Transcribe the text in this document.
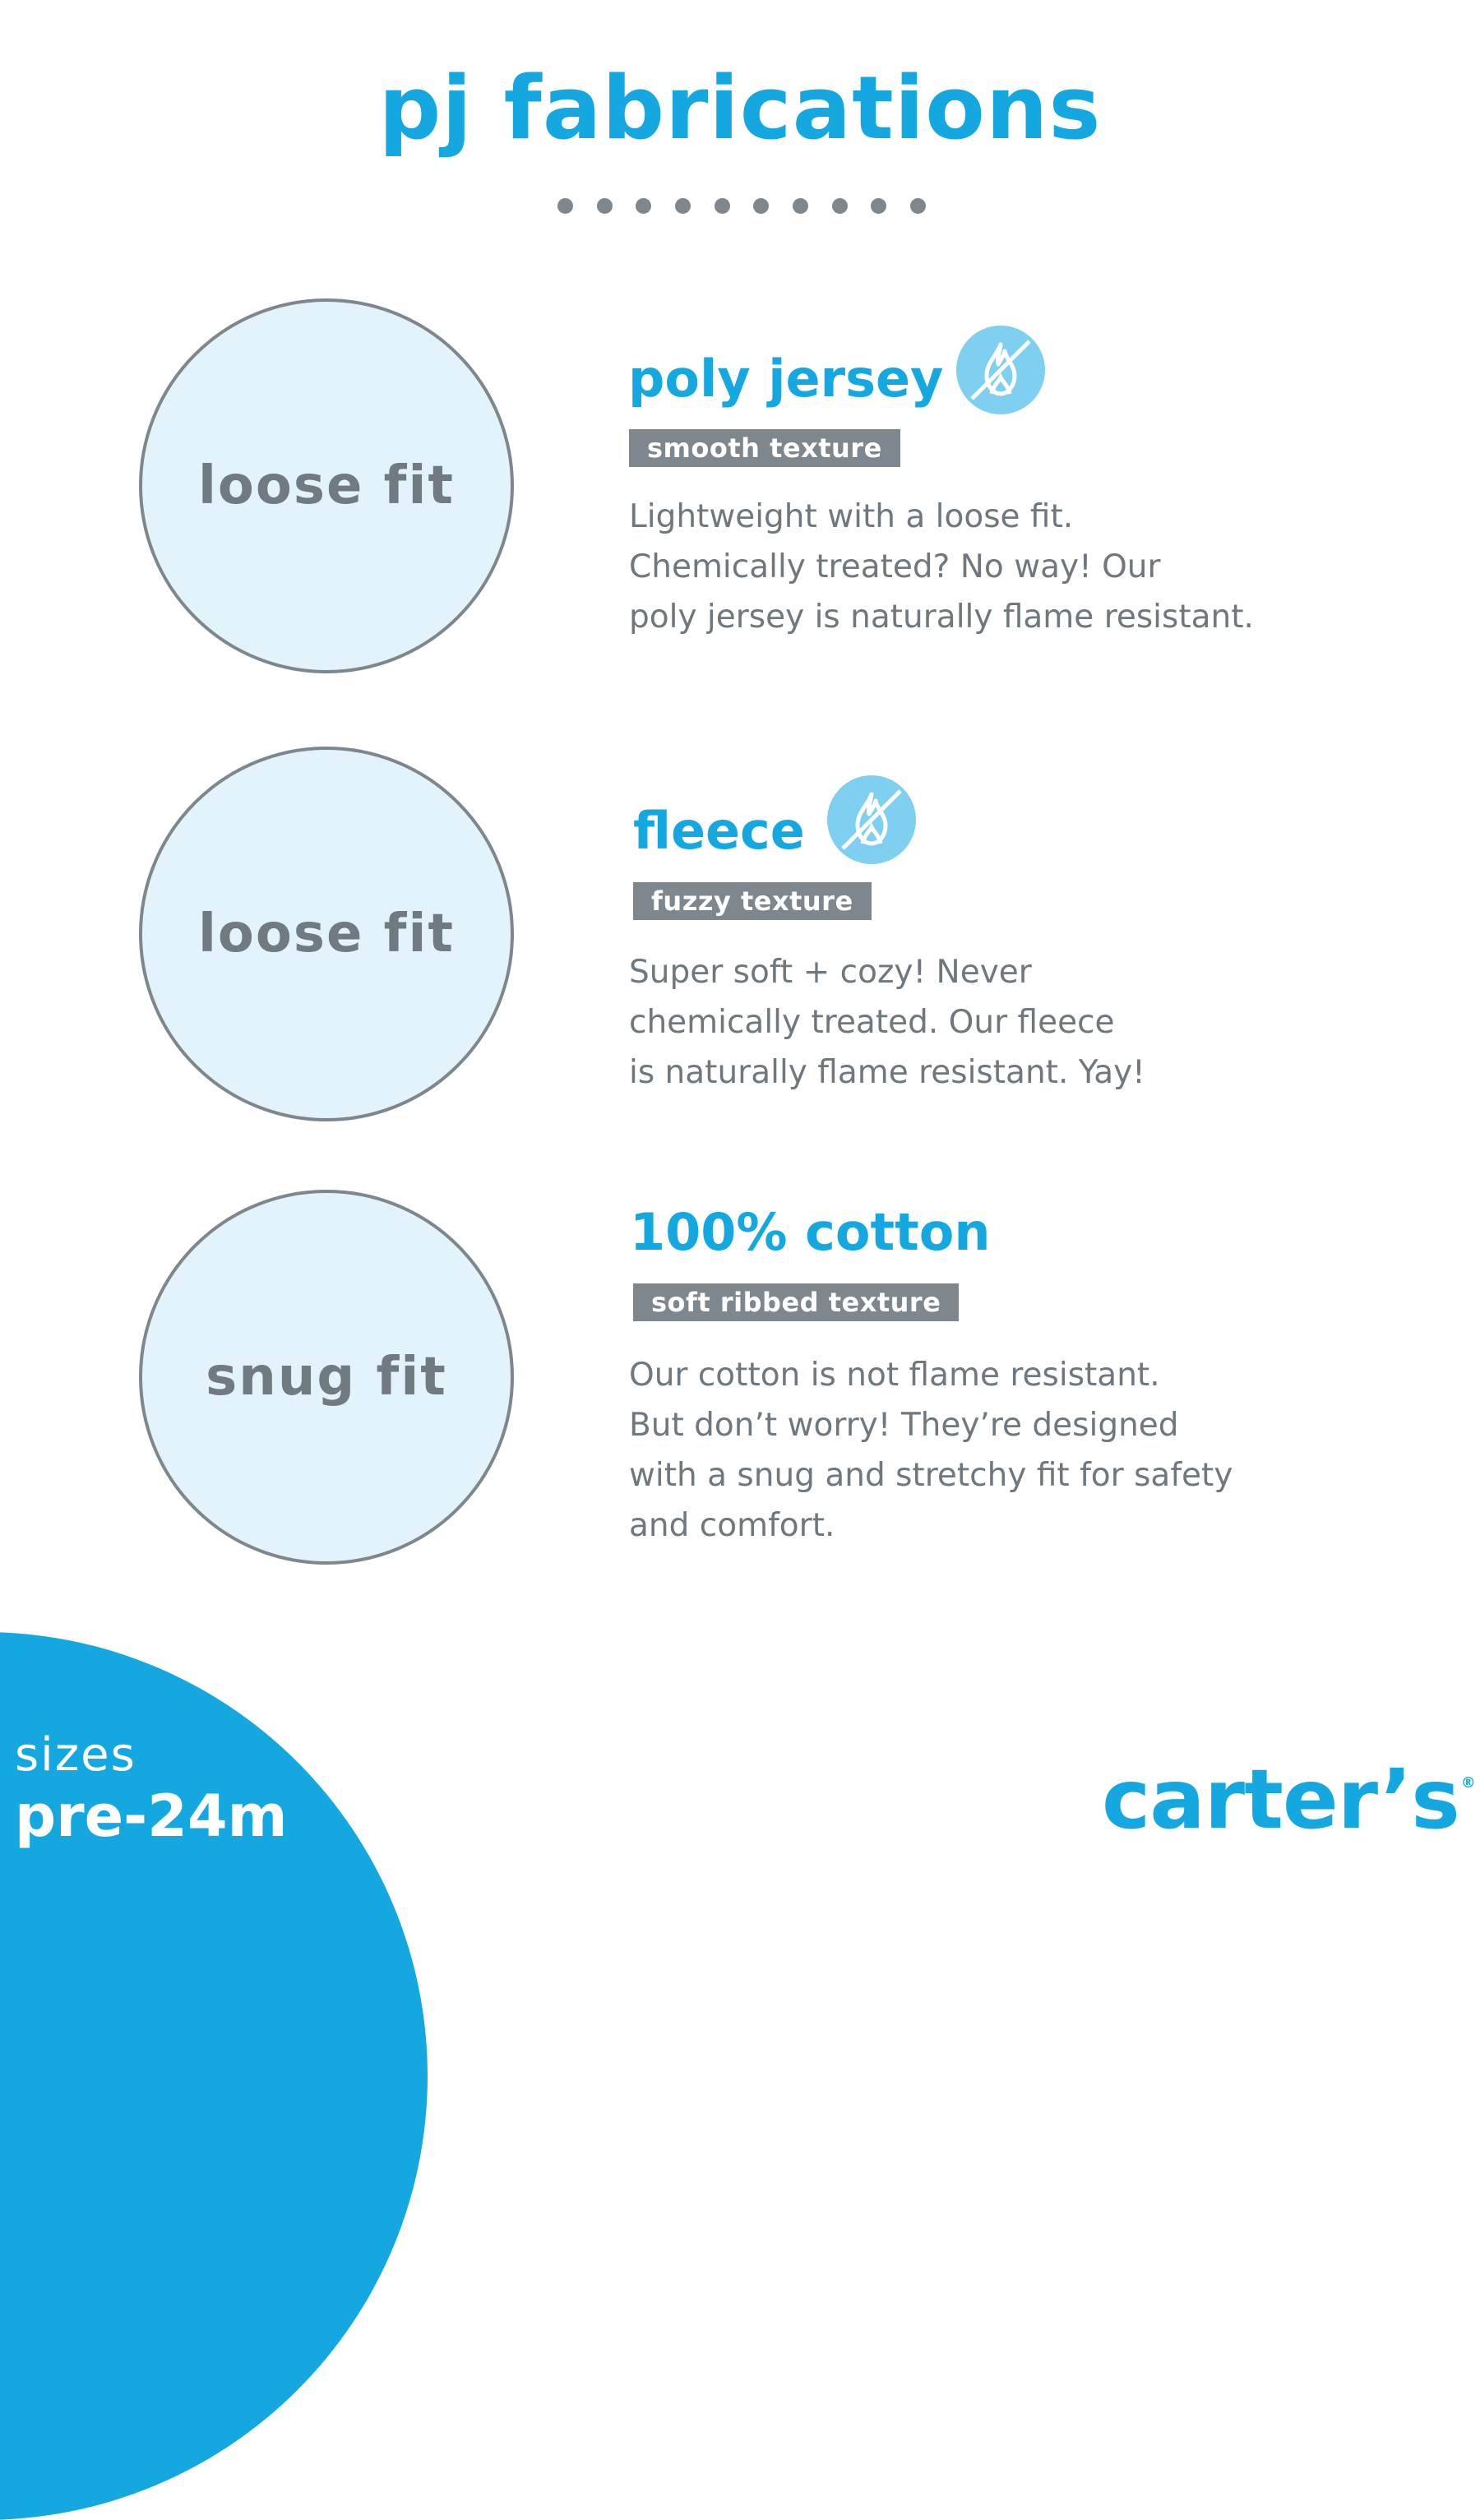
pj fabrications
loose fit
poly jersey
smooth texture
Lightweight with a loose fit.
Chemically treated? No way! Our
poly jersey is naturally flame resistant.
loose fit
fleece
fuzzy texture
Super soft + cozy! Never
chemically treated. Our fleece
is naturally flame resistant. Yay!
snug fit
100% cotton
soft ribbed texture
Our cotton is not flame resistant.
But don’t worry! They’re designed
with a snug and stretchy fit for safety
and comfort.
sizes
pre-24m	carter’s ®
